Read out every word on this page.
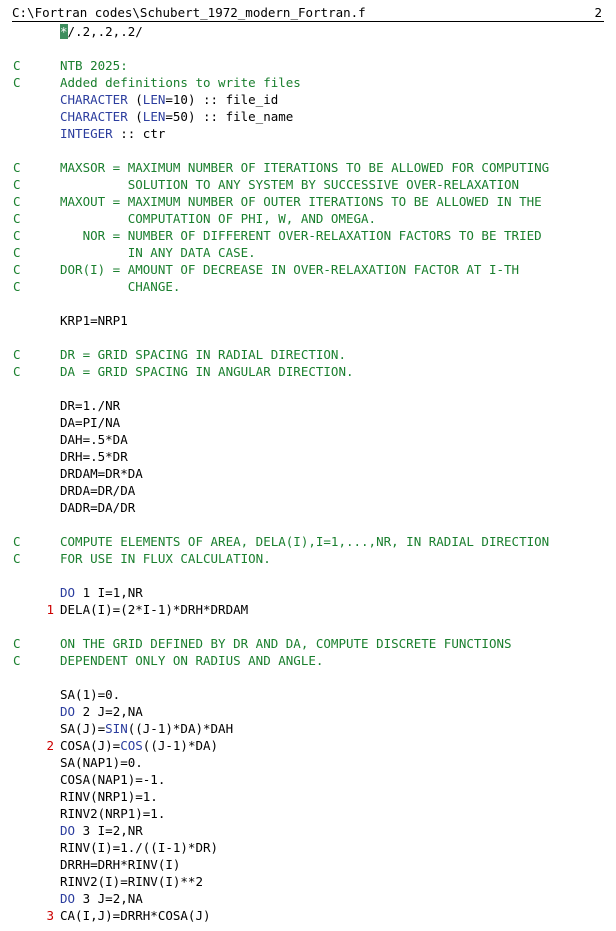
C:\Fortran codes\Schubert_1972_modern_Fortran.f	2
*/.2,.2,.2/
C	NTB 2025:
C	Added definitions to write files
CHARACTER (LEN=10) :: file_id
CHARACTER (LEN=50) :: file_name
INTEGER :: ctr
C	MAXSOR = MAXIMUM NUMBER OF ITERATIONS TO BE ALLOWED FOR COMPUTING
C	SOLUTION TO ANY SYSTEM BY SUCCESSIVE OVER-RELAXATION
C	MAXOUT = MAXIMUM NUMBER OF OUTER ITERATIONS TO BE ALLOWED IN THE
C	COMPUTATION OF PHI, W, AND OMEGA.
C	NOR = NUMBER OF DIFFERENT OVER-RELAXATION FACTORS TO BE TRIED
C	IN ANY DATA CASE.
C	DOR(I) = AMOUNT OF DECREASE IN OVER-RELAXATION FACTOR AT I-TH
C	CHANGE.
KRP1=NRP1
C	DR = GRID SPACING IN RADIAL DIRECTION.
C	DA = GRID SPACING IN ANGULAR DIRECTION.
DR=1./NR
DA=PI/NA
DAH=.5*DA
DRH=.5*DR
DRDAM=DR*DA
DRDA=DR/DA
DADR=DA/DR
C	COMPUTE ELEMENTS OF AREA, DELA(I),I=1,...,NR, IN RADIAL DIRECTION
C	FOR USE IN FLUX CALCULATION.
DO 1 I=1,NR
1 DELA(I)=(2*I-1)*DRH*DRDAM
C	ON THE GRID DEFINED BY DR AND DA, COMPUTE DISCRETE FUNCTIONS
C	DEPENDENT ONLY ON RADIUS AND ANGLE.
SA(1)=0.
DO 2 J=2,NA
SA(J)=SIN((J-1)*DA)*DAH
2 COSA(J)=COS((J-1)*DA)
SA(NAP1)=0.
COSA(NAP1)=-1.
RINV(NRP1)=1.
RINV2(NRP1)=1.
DO 3 I=2,NR
RINV(I)=1./((I-1)*DR)
DRRH=DRH*RINV(I)
RINV2(I)=RINV(I)**2
DO 3 J=2,NA
3 CA(I,J)=DRRH*COSA(J)
